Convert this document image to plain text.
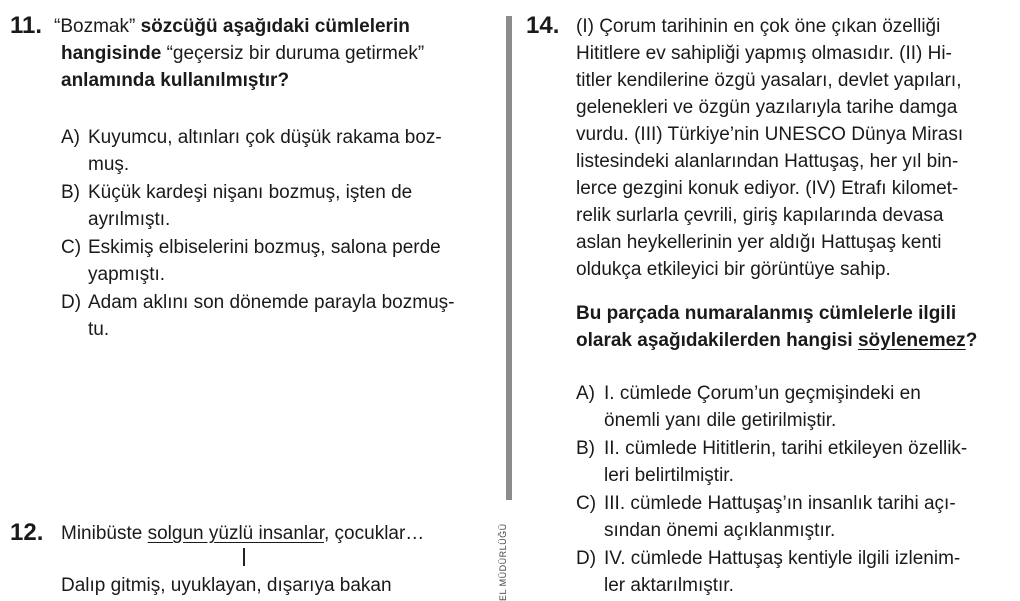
11. “Bozmak” sözcüğü aşağıdaki cümlelerin
hangisinde “geçersiz bir duruma getirmek”
anlamında kullanılmıştır?
A) Kuyumcu, altınları çok düşük rakama boz-
muş.
B) Küçük kardeşi nişanı bozmuş, işten de
ayrılmıştı.
C) Eskimiş elbiselerini bozmuş, salona perde
yapmıştı.
D) Adam aklını son dönemde parayla bozmuş-
tu.
12. Minibüste solgun yüzlü insanlar, çocuklar…
Dalıp gitmiş, uyuklayan, dışarıya bakan	EL MÜDÜRLÜĞÜ
14. (I) Çorum tarihinin en çok öne çıkan özelliği
Hititlere ev sahipliği yapmış olmasıdır. (II) Hi-
titler kendilerine özgü yasaları, devlet yapıları,
gelenekleri ve özgün yazılarıyla tarihe damga
vurdu. (III) Türkiye’nin UNESCO Dünya Mirası
listesindeki alanlarından Hattuşaş, her yıl bin-
lerce gezgini konuk ediyor. (IV) Etrafı kilomet-
relik surlarla çevrili, giriş kapılarında devasa
aslan heykellerinin yer aldığı Hattuşaş kenti
oldukça etkileyici bir görüntüye sahip.
Bu parçada numaralanmış cümlelerle ilgili
olarak aşağıdakilerden hangisi söylenemez?
A) I. cümlede Çorum’un geçmişindeki en
önemli yanı dile getirilmiştir.
B) II. cümlede Hititlerin, tarihi etkileyen özellik-
leri belirtilmiştir.
C) III. cümlede Hattuşaş’ın insanlık tarihi açı-
sından önemi açıklanmıştır.
D) IV. cümlede Hattuşaş kentiyle ilgili izlenim-
ler aktarılmıştır.
